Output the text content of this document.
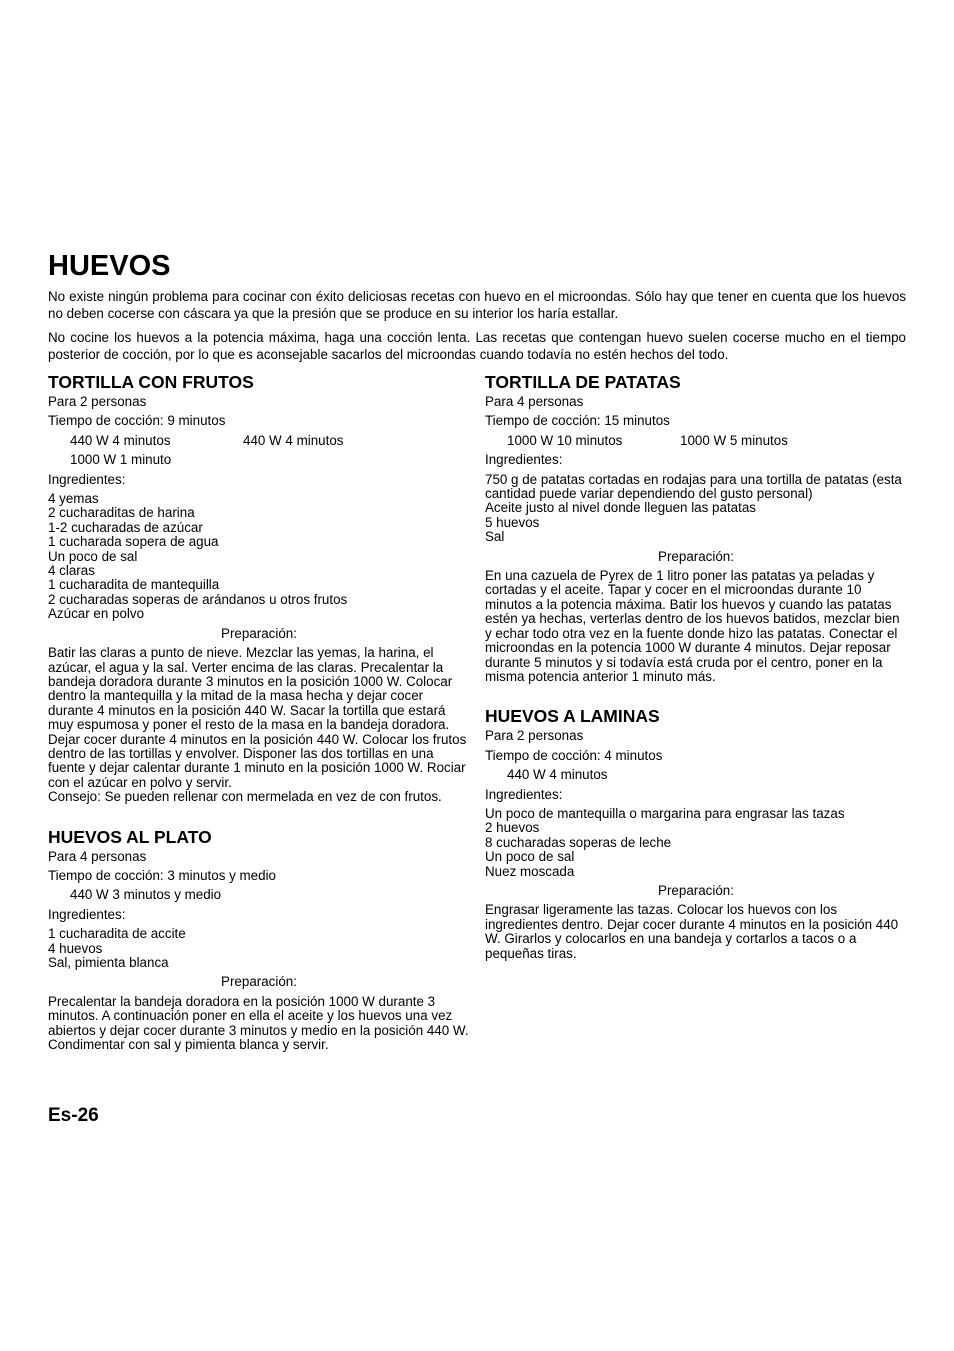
HUEVOS

No existe ningún problema para cocinar con éxito deliciosas recetas con huevo en el microondas. Sólo hay que tener en cuenta que los huevos no deben cocerse con cáscara ya que la presión que se produce en su interior los haría estallar.

No cocine los huevos a la potencia máxima, haga una cocción lenta. Las recetas que contengan huevo suelen cocerse mucho en el tiempo posterior de cocción, por lo que es aconsejable sacarlos del microondas cuando todavía no estén hechos del todo.

TORTILLA CON FRUTOS
Para 2 personas
Tiempo de cocción: 9 minutos
440 W 4 minutos	440 W 4 minutos
1000 W 1 minuto
Ingredientes:
4 yemas
2 cucharaditas de harina
1-2 cucharadas de azúcar
1 cucharada sopera de agua
Un poco de sal
4 claras
1 cucharadita de mantequilla
2 cucharadas soperas de arándanos u otros frutos
Azúcar en polvo
Preparación:
Batir las claras a punto de nieve. Mezclar las yemas, la harina, el azúcar, el agua y la sal. Verter encima de las claras. Precalentar la bandeja doradora durante 3 minutos en la posición 1000 W. Colocar dentro la mantequilla y la mitad de la masa hecha y dejar cocer durante 4 minutos en la posición 440 W. Sacar la tortilla que estará muy espumosa y poner el resto de la masa en la bandeja doradora. Dejar cocer durante 4 minutos en la posición 440 W. Colocar los frutos dentro de las tortillas y envolver. Disponer las dos tortillas en una fuente y dejar calentar durante 1 minuto en la posición 1000 W. Rociar con el azúcar en polvo y servir.
Consejo: Se pueden rellenar con mermelada en vez de con frutos.
HUEVOS AL PLATO
Para 4 personas
Tiempo de cocción: 3 minutos y medio
440 W 3 minutos y medio
Ingredientes:
1 cucharadita de accite
4 huevos
Sal, pimienta blanca
Preparación:
Precalentar la bandeja doradora en la posición 1000 W durante 3 minutos. A continuación poner en ella el aceite y los huevos una vez abiertos y dejar cocer durante 3 minutos y medio en la posición 440 W. Condimentar con sal y pimienta blanca y servir.
TORTILLA DE PATATAS
Para 4 personas
Tiempo de cocción: 15 minutos
1000 W 10 minutos	1000 W 5 minutos
Ingredientes:
750 g de patatas cortadas en rodajas para una tortilla de patatas (esta cantidad puede variar dependiendo del gusto personal)
Aceite justo al nivel donde lleguen las patatas
5 huevos
Sal
Preparación:
En una cazuela de Pyrex de 1 litro poner las patatas ya peladas y cortadas y el aceite. Tapar y cocer en el microondas durante 10 minutos a la potencia máxima. Batir los huevos y cuando las patatas estén ya hechas, verterlas dentro de los huevos batidos, mezclar bien y echar todo otra vez en la fuente donde hizo las patatas. Conectar el microondas en la potencia 1000 W durante 4 minutos. Dejar reposar durante 5 minutos y si todavía está cruda por el centro, poner en la misma potencia anterior 1 minuto más.
HUEVOS A LAMINAS
Para 2 personas
Tiempo de cocción: 4 minutos
440 W 4 minutos
Ingredientes:
Un poco de mantequilla o margarina para engrasar las tazas
2 huevos
8 cucharadas soperas de leche
Un poco de sal
Nuez moscada
Preparación:
Engrasar ligeramente las tazas. Colocar los huevos con los ingredientes dentro. Dejar cocer durante 4 minutos en la posición 440 W. Girarlos y colocarlos en una bandeja y cortarlos a tacos o a pequeñas tiras.
Es-26
